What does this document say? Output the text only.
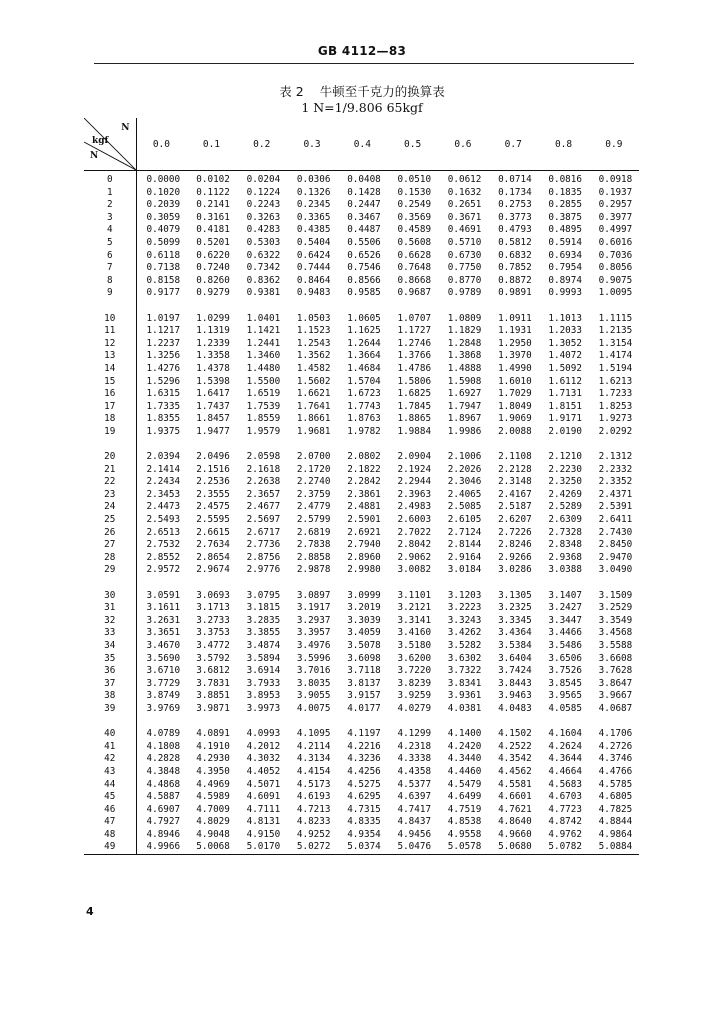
GB 4112—83
表 2 牛顿至千克力的换算表
1 N=1/9.806 65kgf
N
kgf
N	0.0	0.1	0.2	0.3	0.4	0.5	0.6	0.7	0.8	0.9
0	0.0000	0.0102	0.0204	0.0306	0.0408	0.0510	0.0612	0.0714	0.0816	0.0918
1	0.1020	0.1122	0.1224	0.1326	0.1428	0.1530	0.1632	0.1734	0.1835	0.1937
2	0.2039	0.2141	0.2243	0.2345	0.2447	0.2549	0.2651	0.2753	0.2855	0.2957
3	0.3059	0.3161	0.3263	0.3365	0.3467	0.3569	0.3671	0.3773	0.3875	0.3977
4	0.4079	0.4181	0.4283	0.4385	0.4487	0.4589	0.4691	0.4793	0.4895	0.4997
5	0.5099	0.5201	0.5303	0.5404	0.5506	0.5608	0.5710	0.5812	0.5914	0.6016
6	0.6118	0.6220	0.6322	0.6424	0.6526	0.6628	0.6730	0.6832	0.6934	0.7036
7	0.7138	0.7240	0.7342	0.7444	0.7546	0.7648	0.7750	0.7852	0.7954	0.8056
8	0.8158	0.8260	0.8362	0.8464	0.8566	0.8668	0.8770	0.8872	0.8974	0.9075
9	0.9177	0.9279	0.9381	0.9483	0.9585	0.9687	0.9789	0.9891	0.9993	1.0095

10	1.0197	1.0299	1.0401	1.0503	1.0605	1.0707	1.0809	1.0911	1.1013	1.1115
11	1.1217	1.1319	1.1421	1.1523	1.1625	1.1727	1.1829	1.1931	1.2033	1.2135
12	1.2237	1.2339	1.2441	1.2543	1.2644	1.2746	1.2848	1.2950	1.3052	1.3154
13	1.3256	1.3358	1.3460	1.3562	1.3664	1.3766	1.3868	1.3970	1.4072	1.4174
14	1.4276	1.4378	1.4480	1.4582	1.4684	1.4786	1.4888	1.4990	1.5092	1.5194
15	1.5296	1.5398	1.5500	1.5602	1.5704	1.5806	1.5908	1.6010	1.6112	1.6213
16	1.6315	1.6417	1.6519	1.6621	1.6723	1.6825	1.6927	1.7029	1.7131	1.7233
17	1.7335	1.7437	1.7539	1.7641	1.7743	1.7845	1.7947	1.8049	1.8151	1.8253
18	1.8355	1.8457	1.8559	1.8661	1.8763	1.8865	1.8967	1.9069	1.9171	1.9273
19	1.9375	1.9477	1.9579	1.9681	1.9782	1.9884	1.9986	2.0088	2.0190	2.0292

20	2.0394	2.0496	2.0598	2.0700	2.0802	2.0904	2.1006	2.1108	2.1210	2.1312
21	2.1414	2.1516	2.1618	2.1720	2.1822	2.1924	2.2026	2.2128	2.2230	2.2332
22	2.2434	2.2536	2.2638	2.2740	2.2842	2.2944	2.3046	2.3148	2.3250	2.3352
23	2.3453	2.3555	2.3657	2.3759	2.3861	2.3963	2.4065	2.4167	2.4269	2.4371
24	2.4473	2.4575	2.4677	2.4779	2.4881	2.4983	2.5085	2.5187	2.5289	2.5391
25	2.5493	2.5595	2.5697	2.5799	2.5901	2.6003	2.6105	2.6207	2.6309	2.6411
26	2.6513	2.6615	2.6717	2.6819	2.6921	2.7022	2.7124	2.7226	2.7328	2.7430
27	2.7532	2.7634	2.7736	2.7838	2.7940	2.8042	2.8144	2.8246	2.8348	2.8450
28	2.8552	2.8654	2.8756	2.8858	2.8960	2.9062	2.9164	2.9266	2.9368	2.9470
29	2.9572	2.9674	2.9776	2.9878	2.9980	3.0082	3.0184	3.0286	3.0388	3.0490

30	3.0591	3.0693	3.0795	3.0897	3.0999	3.1101	3.1203	3.1305	3.1407	3.1509
31	3.1611	3.1713	3.1815	3.1917	3.2019	3.2121	3.2223	3.2325	3.2427	3.2529
32	3.2631	3.2733	3.2835	3.2937	3.3039	3.3141	3.3243	3.3345	3.3447	3.3549
33	3.3651	3.3753	3.3855	3.3957	3.4059	3.4160	3.4262	3.4364	3.4466	3.4568
34	3.4670	3.4772	3.4874	3.4976	3.5078	3.5180	3.5282	3.5384	3.5486	3.5588
35	3.5690	3.5792	3.5894	3.5996	3.6098	3.6200	3.6302	3.6404	3.6506	3.6608
36	3.6710	3.6812	3.6914	3.7016	3.7118	3.7220	3.7322	3.7424	3.7526	3.7628
37	3.7729	3.7831	3.7933	3.8035	3.8137	3.8239	3.8341	3.8443	3.8545	3.8647
38	3.8749	3.8851	3.8953	3.9055	3.9157	3.9259	3.9361	3.9463	3.9565	3.9667
39	3.9769	3.9871	3.9973	4.0075	4.0177	4.0279	4.0381	4.0483	4.0585	4.0687

40	4.0789	4.0891	4.0993	4.1095	4.1197	4.1299	4.1400	4.1502	4.1604	4.1706
41	4.1808	4.1910	4.2012	4.2114	4.2216	4.2318	4.2420	4.2522	4.2624	4.2726
42	4.2828	4.2930	4.3032	4.3134	4.3236	4.3338	4.3440	4.3542	4.3644	4.3746
43	4.3848	4.3950	4.4052	4.4154	4.4256	4.4358	4.4460	4.4562	4.4664	4.4766
44	4.4868	4.4969	4.5071	4.5173	4.5275	4.5377	4.5479	4.5581	4.5683	4.5785
45	4.5887	4.5989	4.6091	4.6193	4.6295	4.6397	4.6499	4.6601	4.6703	4.6805
46	4.6907	4.7009	4.7111	4.7213	4.7315	4.7417	4.7519	4.7621	4.7723	4.7825
47	4.7927	4.8029	4.8131	4.8233	4.8335	4.8437	4.8538	4.8640	4.8742	4.8844
48	4.8946	4.9048	4.9150	4.9252	4.9354	4.9456	4.9558	4.9660	4.9762	4.9864
49	4.9966	5.0068	5.0170	5.0272	5.0374	5.0476	5.0578	5.0680	5.0782	5.0884
4
